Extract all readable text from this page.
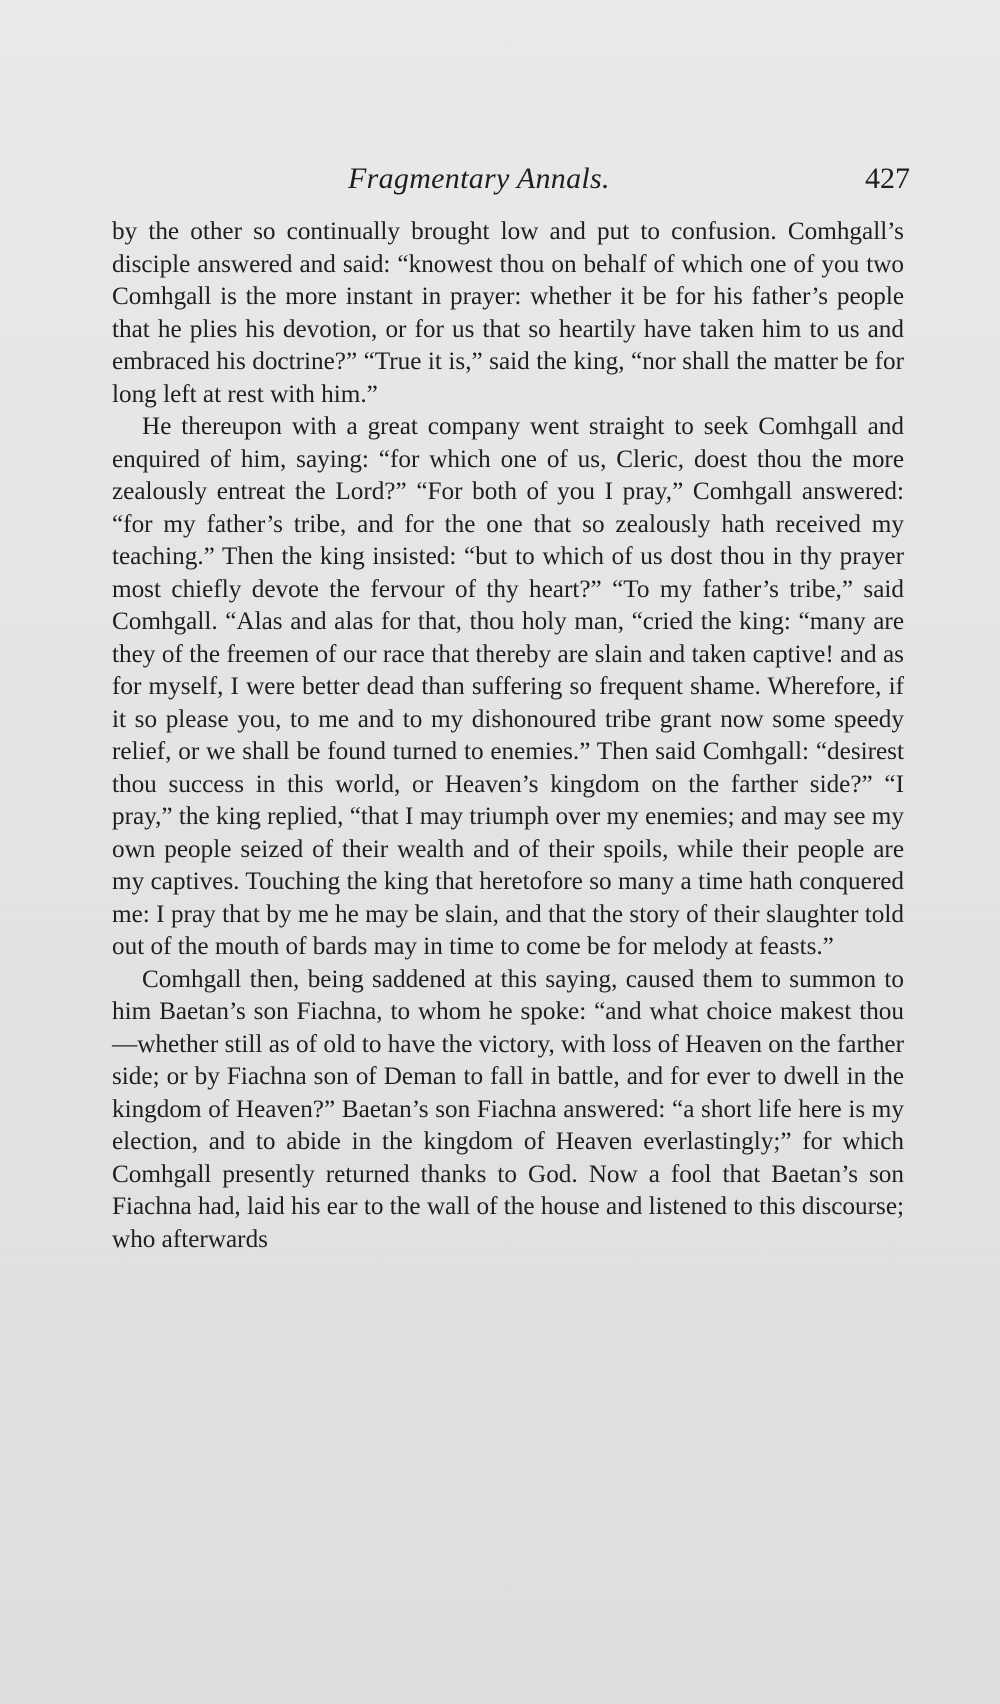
Fragmentary Annals.	427

by the other so continually brought low and put to confusion. Comhgall’s disciple answered and said: “knowest thou on behalf of which one of you two Comhgall is the more instant in prayer: whether it be for his father’s people that he plies his devotion, or for us that so heartily have taken him to us and embraced his doctrine?” “True it is,” said the king, “nor shall the matter be for long left at rest with him.”

He thereupon with a great company went straight to seek Comhgall and enquired of him, saying: “for which one of us, Cleric, doest thou the more zealously entreat the Lord?” “For both of you I pray,” Comhgall answered: “for my father’s tribe, and for the one that so zealously hath received my teaching.” Then the king insisted: “but to which of us dost thou in thy prayer most chiefly devote the fervour of thy heart?” “To my father’s tribe,” said Comhgall. “Alas and alas for that, thou holy man, “cried the king: “many are they of the freemen of our race that thereby are slain and taken captive! and as for myself, I were better dead than suffering so frequent shame. Wherefore, if it so please you, to me and to my dishonoured tribe grant now some speedy relief, or we shall be found turned to enemies.” Then said Comhgall: “desirest thou success in this world, or Heaven’s kingdom on the farther side?” “I pray,” the king replied, “that I may triumph over my enemies; and may see my own people seized of their wealth and of their spoils, while their people are my captives. Touching the king that heretofore so many a time hath conquered me: I pray that by me he may be slain, and that the story of their slaughter told out of the mouth of bards may in time to come be for melody at feasts.”

Comhgall then, being saddened at this saying, caused them to summon to him Baetan’s son Fiachna, to whom he spoke: “and what choice makest thou—whether still as of old to have the victory, with loss of Heaven on the farther side; or by Fiachna son of Deman to fall in battle, and for ever to dwell in the kingdom of Heaven?” Baetan’s son Fiachna answered: “a short life here is my election, and to abide in the kingdom of Heaven everlastingly;” for which Comhgall presently returned thanks to God. Now a fool that Baetan’s son Fiachna had, laid his ear to the wall of the house and listened to this discourse; who afterwards
